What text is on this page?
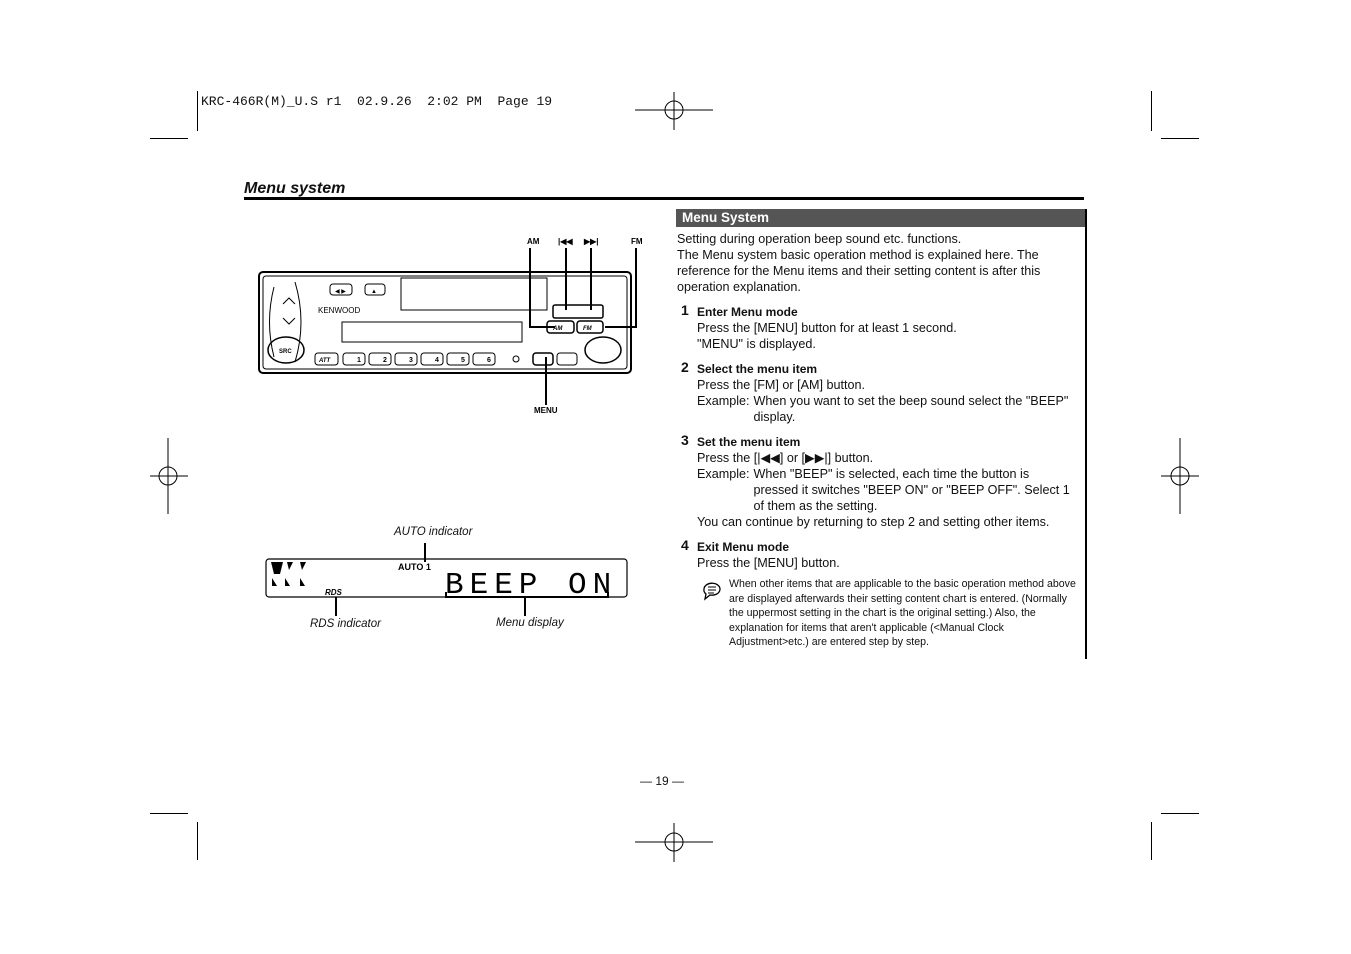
KRC-466R(M)_U.S r1  02.9.26  2:02 PM  Page 19
Menu system
AM |◀◀ ▶▶|	FM
MENU
KENWOOD
SRC
ATT
◀ ▶	▲
AM	FM
1	2	3	4	5	6
AUTO indicator
AUTO 1
BEEP ON
RDS
RDS indicator	Menu display
Menu System

Setting during operation beep sound etc. functions.

The Menu system basic operation method is explained here. The reference for the Menu items and their setting content is after this operation explanation.

1 Enter Menu mode
Press the [MENU] button for at least 1 second.
"MENU" is displayed.
2 Select the menu item
Press the [FM] or [AM] button.
Example: When you want to set the beep sound select the "BEEP" display.
3 Set the menu item
Press the [|◀◀] or [▶▶|] button.
Example: When "BEEP" is selected, each time the button is pressed it switches "BEEP ON" or "BEEP OFF". Select 1 of them as the setting.
You can continue by returning to step 2 and setting other items.
4 Exit Menu mode
Press the [MENU] button.
When other items that are applicable to the basic operation method above are displayed afterwards their setting content chart is entered. (Normally the uppermost setting in the chart is the original setting.) Also, the explanation for items that aren't applicable (<Manual Clock Adjustment>etc.) are entered step by step.
— 19 —
